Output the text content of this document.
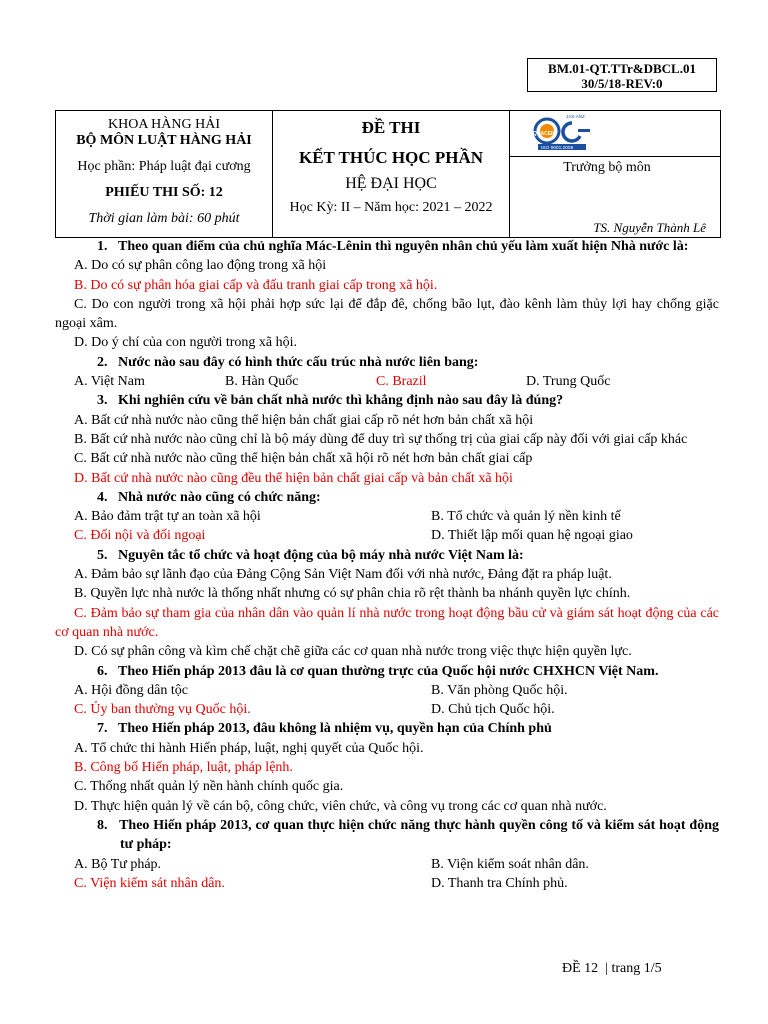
BM.01-QT.TTr&DBCL.01
30/5/18-REV:0
KHOA HÀNG HẢI
BỘ MÔN LUẬT HÀNG HẢI
Học phần: Pháp luật đại cương
PHIẾU THI SỐ: 12
Thời gian làm bài: 60 phút

ĐỀ THI
KẾT THÚC HỌC PHẦN
HỆ ĐẠI HỌC
Học Kỳ: II – Năm học: 2021 – 2022

JAS-ANZ
QUACERT
ISO 9001:2008

Trưởng bộ môn
TS. Nguyễn Thành Lê
1.   Theo quan điểm của chủ nghĩa Mác-Lênin thì nguyên nhân chủ yếu làm xuất hiện Nhà nước là:
A. Do có sự phân công lao động trong xã hội
B. Do có sự phân hóa giai cấp và đấu tranh giai cấp trong xã hội.
C. Do con người trong xã hội phải hợp sức lại để đắp đê, chống bão lụt, đào kênh làm thủy lợi hay chống giặc ngoại xâm.
D. Do ý chí của con người trong xã hội.
2.   Nước nào sau đây có hình thức cấu trúc nhà nước liên bang:
A. Việt Nam	B. Hàn Quốc	C. Brazil	D. Trung Quốc
3.   Khi nghiên cứu về bản chất nhà nước thì khẳng định nào sau đây là đúng?
A. Bất cứ nhà nước nào cũng thể hiện bản chất giai cấp rõ nét hơn bản chất xã hội
B. Bất cứ nhà nước nào cũng chỉ là bộ máy dùng để duy trì sự thống trị của giai cấp này đối với giai cấp khác
C. Bất cứ nhà nước nào cũng thể hiện bản chất xã hội rõ nét hơn bản chất giai cấp
D. Bất cứ nhà nước nào cũng đều thể hiện bản chất giai cấp và bản chất xã hội
4.   Nhà nước nào cũng có chức năng:
A. Bảo đảm trật tự an toàn xã hội	B. Tổ chức và quản lý nền kinh tế
C. Đối nội và đối ngoại	D. Thiết lập mối quan hệ ngoại giao
5.   Nguyên tắc tổ chức và hoạt động của bộ máy nhà nước Việt Nam là:
A. Đảm bảo sự lãnh đạo của Đảng Cộng Sản Việt Nam đối với nhà nước, Đảng đặt ra pháp luật.
B. Quyền lực nhà nước là thống nhất nhưng có sự phân chia rõ rệt thành ba nhánh quyền lực chính.
C. Đảm bảo sự tham gia của nhân dân vào quản lí nhà nước trong hoạt động bầu cử và giám sát hoạt động của các cơ quan nhà nước.
D. Có sự phân công và kìm chế chặt chẽ giữa các cơ quan nhà nước trong việc thực hiện quyền lực.
6.   Theo Hiến pháp 2013 đâu là cơ quan thường trực của Quốc hội nước CHXHCN Việt Nam.
A. Hội đồng dân tộc	B. Văn phòng Quốc hội.
C. Ủy ban thường vụ Quốc hội.	D. Chủ tịch Quốc hội.
7.   Theo Hiến pháp 2013, đâu không là nhiệm vụ, quyền hạn của Chính phủ
A. Tổ chức thi hành Hiến pháp, luật, nghị quyết của Quốc hội.
B. Công bố Hiến pháp, luật, pháp lệnh.
C. Thống nhất quản lý nền hành chính quốc gia.
D. Thực hiện quản lý về cán bộ, công chức, viên chức, và công vụ trong các cơ quan nhà nước.
8.   Theo Hiến pháp 2013, cơ quan thực hiện chức năng thực hành quyền công tố và kiểm sát hoạt động tư pháp:
A. Bộ Tư pháp.	B. Viện kiểm soát nhân dân.
C. Viện kiểm sát nhân dân.	D. Thanh tra Chính phủ.
ĐỀ 12  | trang 1/5
